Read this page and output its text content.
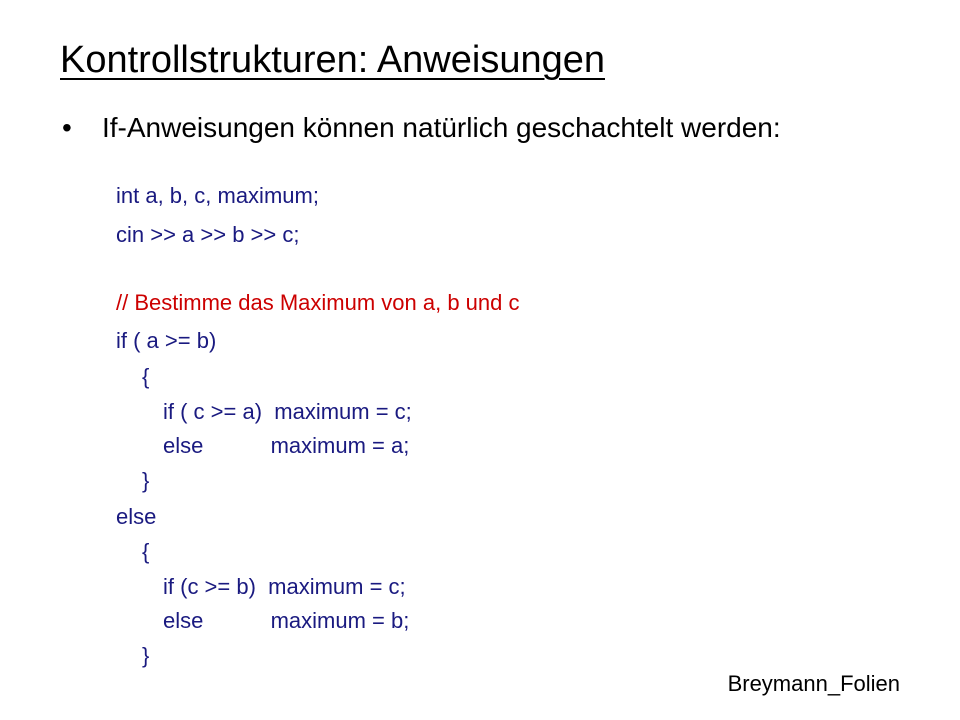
Kontrollstrukturen: Anweisungen
• If-Anweisungen können natürlich geschachtelt werden:
int a, b, c, maximum;
cin >> a >> b >> c;
// Bestimme das Maximum von a, b und c
if ( a >= b)
{
if ( c >= a)  maximum = c;
else           maximum = a;
}
else
{
if (c >= b)  maximum = c;
else           maximum = b;
}
Breymann_Folien
